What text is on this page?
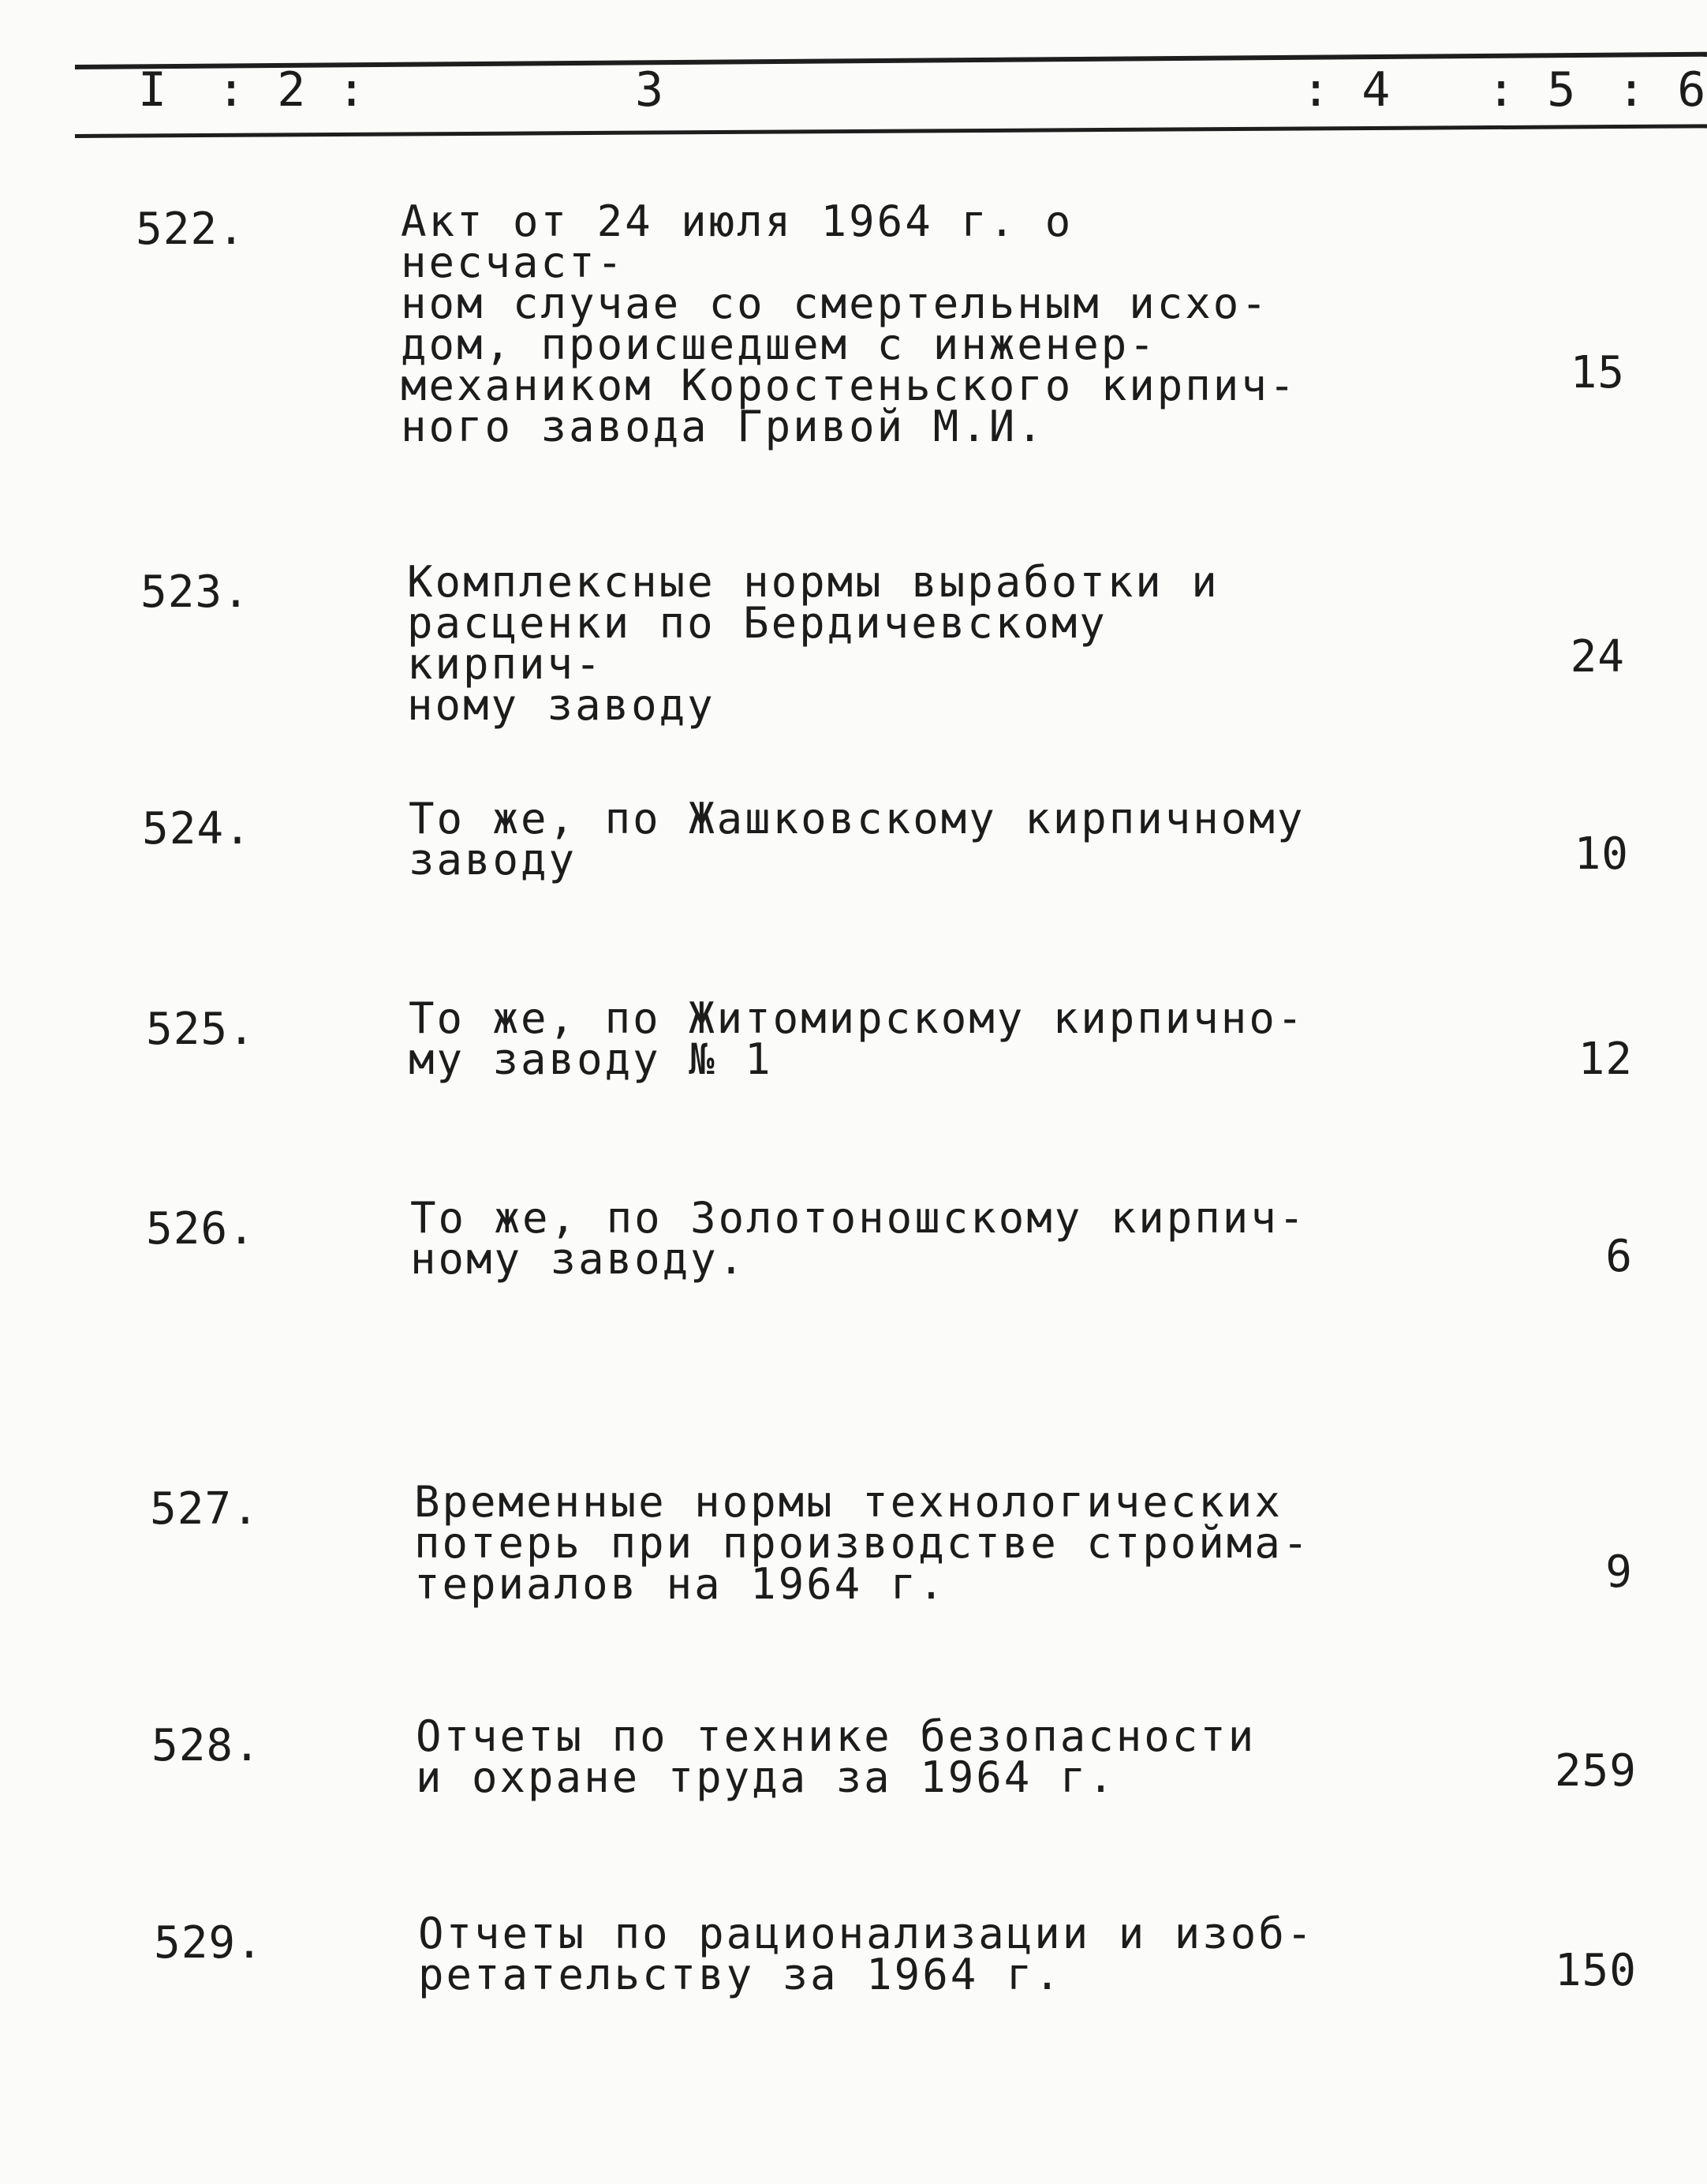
I : 2 :	3	: 4 : 5 : 6
522.	Акт от 24 июля 1964 г. о несчаст-
ном случае со смертельным исхо-
дом, происшедшем с инженер-
механиком Коростеньского кирпич-
ного завода Гривой М.И.
15
523.	Комплексные нормы выработки и
расценки по Бердичевскому кирпич-
ному заводу
24
524.	То же, по Жашковскому кирпичному
заводу	10
525.	То же, по Житомирскому кирпично-
му заводу № 1	12
526.	То же, по Золотоношскому кирпич-
ному заводу.	6
527.	Временные нормы технологических
потерь при производстве стройма-
териалов на 1964 г.	9
528.	Отчеты по технике безопасности
и охране труда за 1964 г.	259
529.	Отчеты по рационализации и изоб-
ретательству за 1964 г.	150
